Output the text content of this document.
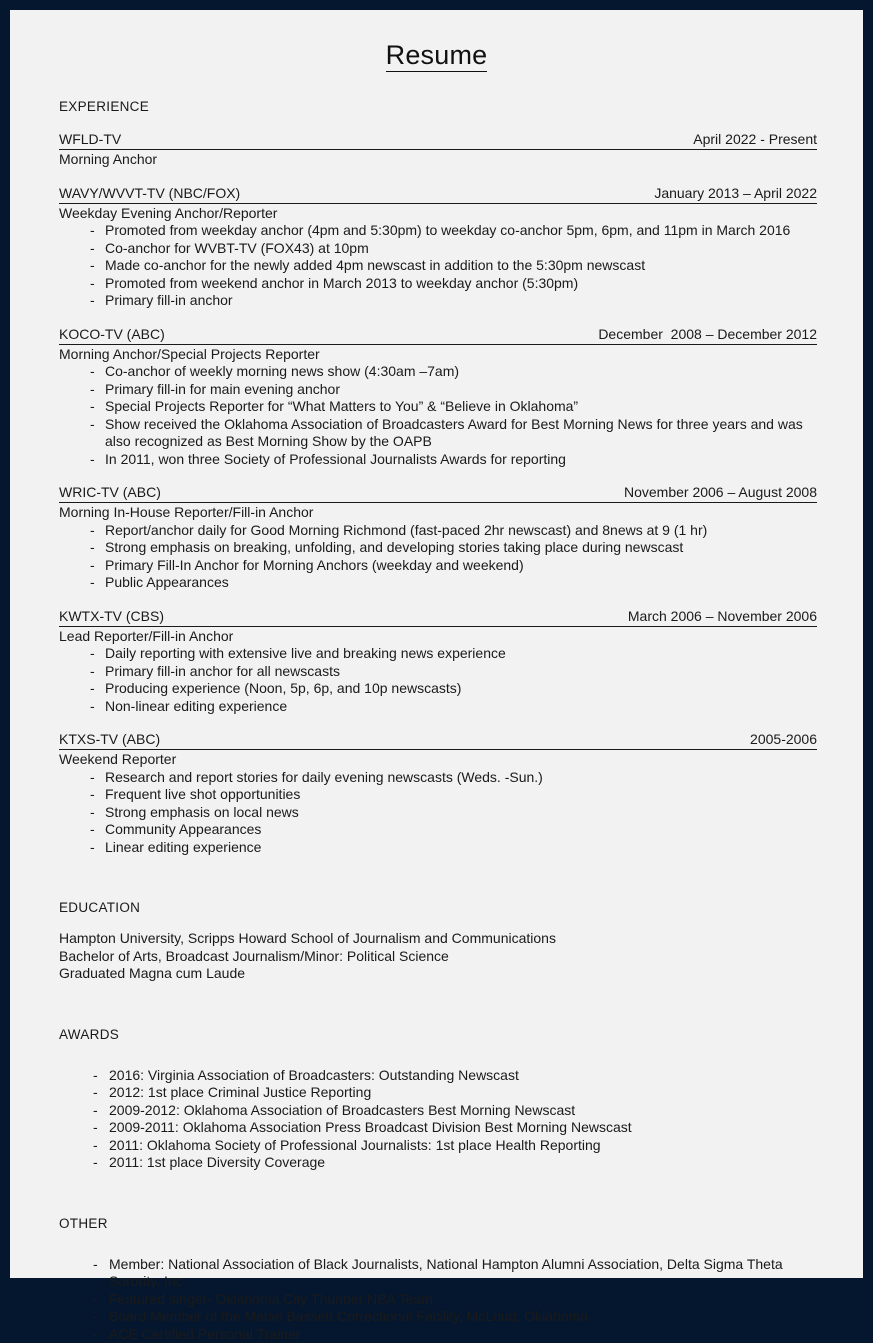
Resume
EXPERIENCE
WFLD-TV	April 2022 - Present
Morning Anchor
WAVY/WVVT-TV (NBC/FOX)	January 2013 – April 2022
Weekday Evening Anchor/Reporter
- Promoted from weekday anchor (4pm and 5:30pm) to weekday co-anchor 5pm, 6pm, and 11pm in March 2016
- Co-anchor for WVBT-TV (FOX43) at 10pm
- Made co-anchor for the newly added 4pm newscast in addition to the 5:30pm newscast
- Promoted from weekend anchor in March 2013 to weekday anchor (5:30pm)
- Primary fill-in anchor
KOCO-TV (ABC)	December  2008 – December 2012
Morning Anchor/Special Projects Reporter
- Co-anchor of weekly morning news show (4:30am –7am)
- Primary fill-in for main evening anchor
- Special Projects Reporter for “What Matters to You” & “Believe in Oklahoma”
- Show received the Oklahoma Association of Broadcasters Award for Best Morning News for three years and was also recognized as Best Morning Show by the OAPB
- In 2011, won three Society of Professional Journalists Awards for reporting
WRIC-TV (ABC)	November 2006 – August 2008
Morning In-House Reporter/Fill-in Anchor
- Report/anchor daily for Good Morning Richmond (fast-paced 2hr newscast) and 8news at 9 (1 hr)
- Strong emphasis on breaking, unfolding, and developing stories taking place during newscast
- Primary Fill-In Anchor for Morning Anchors (weekday and weekend)
- Public Appearances
KWTX-TV (CBS)	March 2006 – November 2006
Lead Reporter/Fill-in Anchor
- Daily reporting with extensive live and breaking news experience
- Primary fill-in anchor for all newscasts
- Producing experience (Noon, 5p, 6p, and 10p newscasts)
- Non-linear editing experience
KTXS-TV (ABC)	2005-2006
Weekend Reporter
- Research and report stories for daily evening newscasts (Weds. -Sun.)
- Frequent live shot opportunities
- Strong emphasis on local news
- Community Appearances
- Linear editing experience
EDUCATION
Hampton University, Scripps Howard School of Journalism and Communications
Bachelor of Arts, Broadcast Journalism/Minor: Political Science
Graduated Magna cum Laude
AWARDS
- 2016: Virginia Association of Broadcasters: Outstanding Newscast
- 2012: 1st place Criminal Justice Reporting
- 2009-2012: Oklahoma Association of Broadcasters Best Morning Newscast
- 2009-2011: Oklahoma Association Press Broadcast Division Best Morning Newscast
- 2011: Oklahoma Society of Professional Journalists: 1st place Health Reporting
- 2011: 1st place Diversity Coverage
OTHER
- Member: National Association of Black Journalists, National Hampton Alumni Association, Delta Sigma Theta Sorority, Inc
- Featured singer- Oklahoma City Thunder NBA Team
- Board Member of the Mabel Bassett Correctional Facility, McLoud, Oklahoma
- ACE Certified Personal Trainer
